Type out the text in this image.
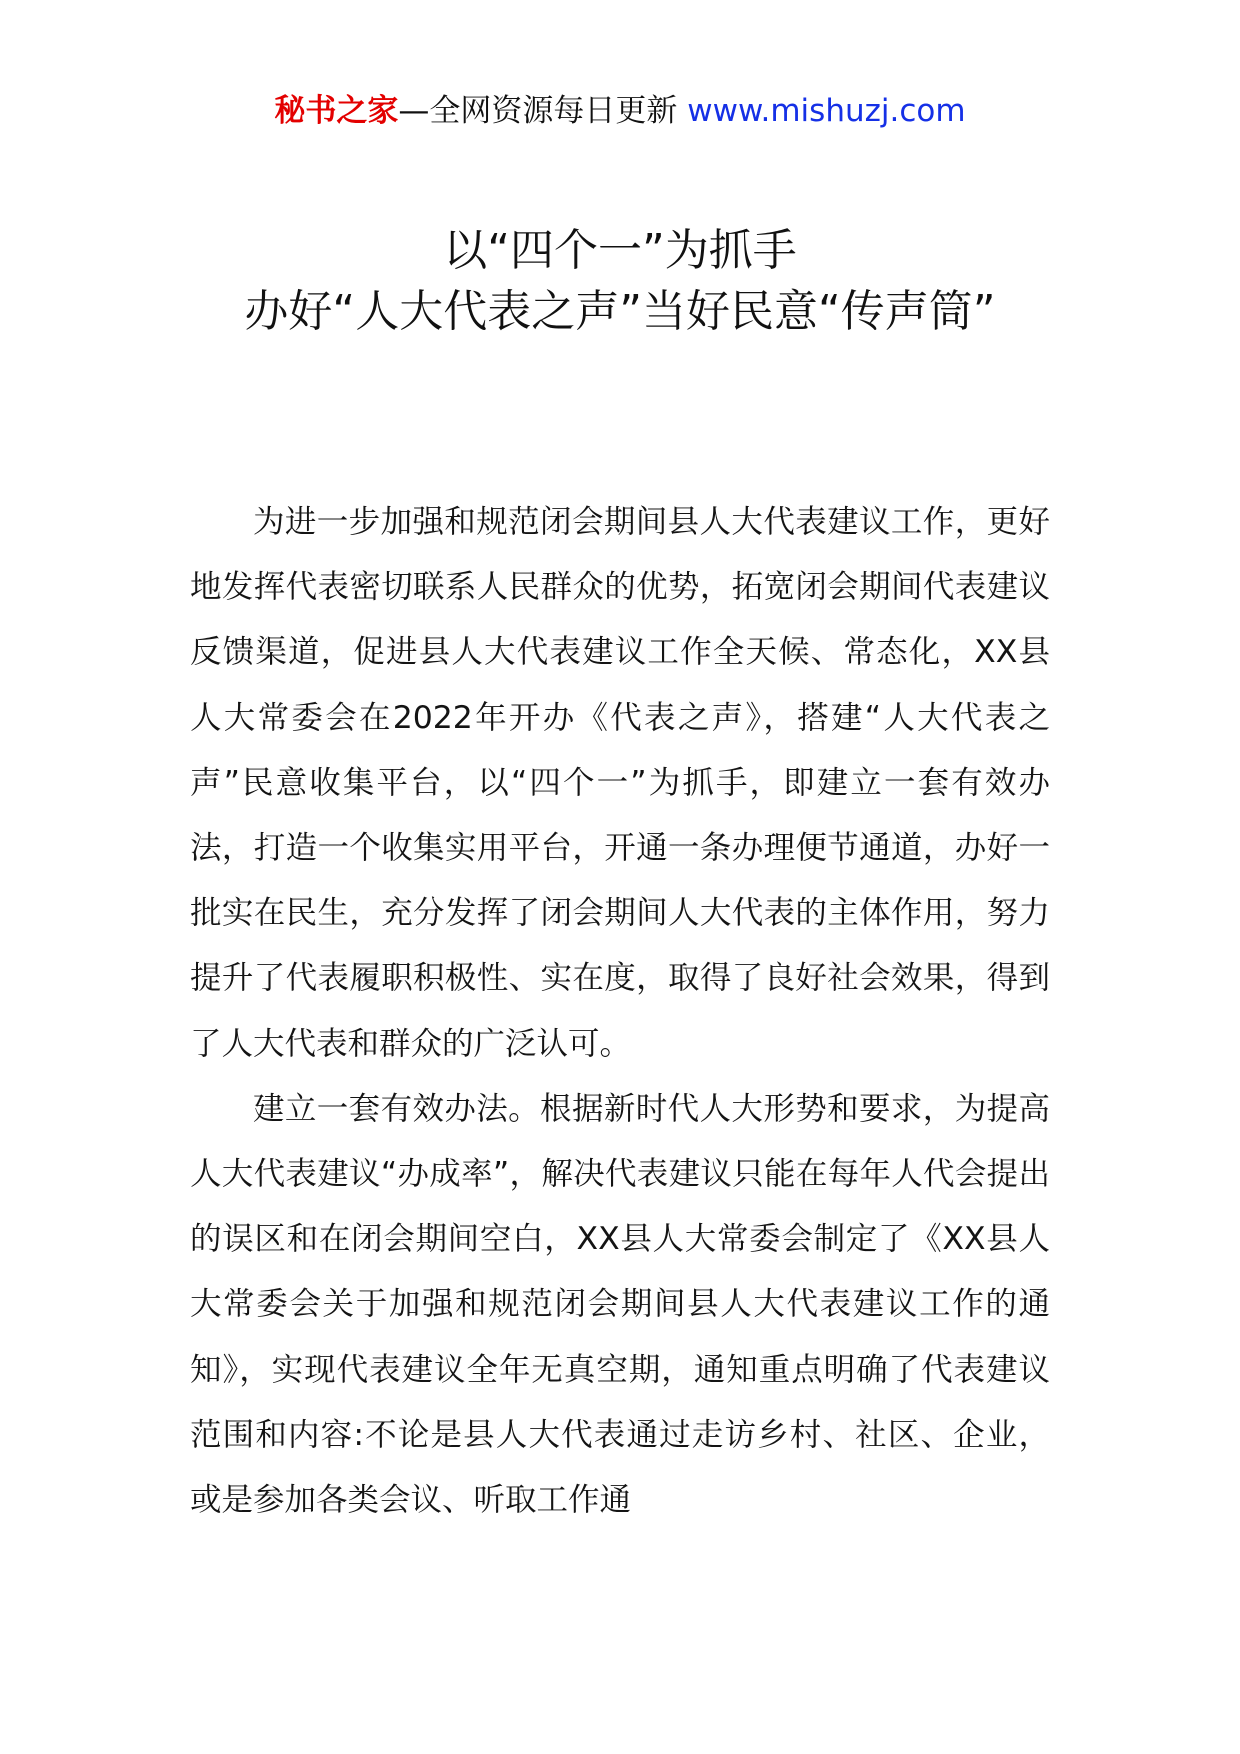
秘书之家—全网资源每日更新 www.mishuzj.com
以“四个一”为抓手
办好“人大代表之声”当好民意“传声筒”

为进一步加强和规范闭会期间县人大代表建议工作，更好地发挥代表密切联系人民群众的优势，拓宽闭会期间代表建议反馈渠道，促进县人大代表建议工作全天候、常态化，XX县人大常委会在2022年开办《代表之声》，搭建“人大代表之声”民意收集平台，以“四个一”为抓手，即建立一套有效办法，打造一个收集实用平台，开通一条办理便节通道，办好一批实在民生，充分发挥了闭会期间人大代表的主体作用，努力提升了代表履职积极性、实在度，取得了良好社会效果，得到了人大代表和群众的广泛认可。

建立一套有效办法。根据新时代人大形势和要求，为提高人大代表建议“办成率”，解决代表建议只能在每年人代会提出的误区和在闭会期间空白，XX县人大常委会制定了《XX县人大常委会关于加强和规范闭会期间县人大代表建议工作的通知》，实现代表建议全年无真空期，通知重点明确了代表建议范围和内容:不论是县人大代表通过走访乡村、社区、企业，或是参加各类会议、听取工作通
